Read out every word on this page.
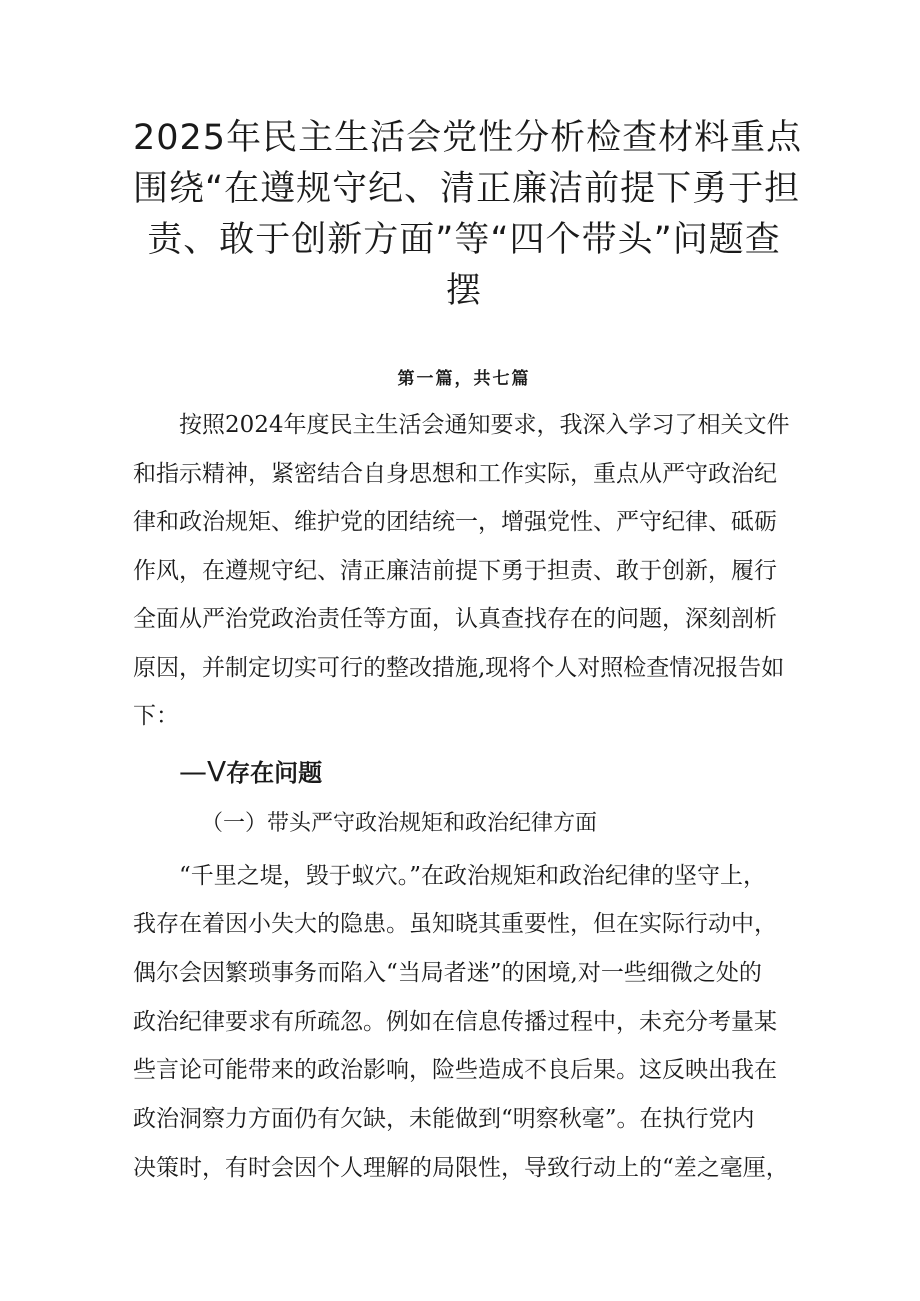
2025年民主生活会党性分析检查材料重点
围绕“在遵规守纪、清正廉洁前提下勇于担
责、敢于创新方面”等“四个带头”问题查
摆
第一篇，共七篇
按照2024年度民主生活会通知要求，我深入学习了相关文件
和指示精神，紧密结合自身思想和工作实际，重点从严守政治纪
律和政治规矩、维护党的团结统一，增强党性、严守纪律、砥砺
作风，在遵规守纪、清正廉洁前提下勇于担责、敢于创新，履行
全面从严治党政治责任等方面，认真查找存在的问题，深刻剖析
原因，并制定切实可行的整改措施,现将个人对照检查情况报告如
下：
—V存在问题
（一）带头严守政治规矩和政治纪律方面
“千里之堤，毁于蚁穴。”在政治规矩和政治纪律的坚守上，
我存在着因小失大的隐患。虽知晓其重要性，但在实际行动中，
偶尔会因繁琐事务而陷入“当局者迷”的困境,对一些细微之处的
政治纪律要求有所疏忽。例如在信息传播过程中，未充分考量某
些言论可能带来的政治影响，险些造成不良后果。这反映出我在
政治洞察力方面仍有欠缺，未能做到“明察秋毫”。在执行党内
决策时，有时会因个人理解的局限性，导致行动上的“差之毫厘，
